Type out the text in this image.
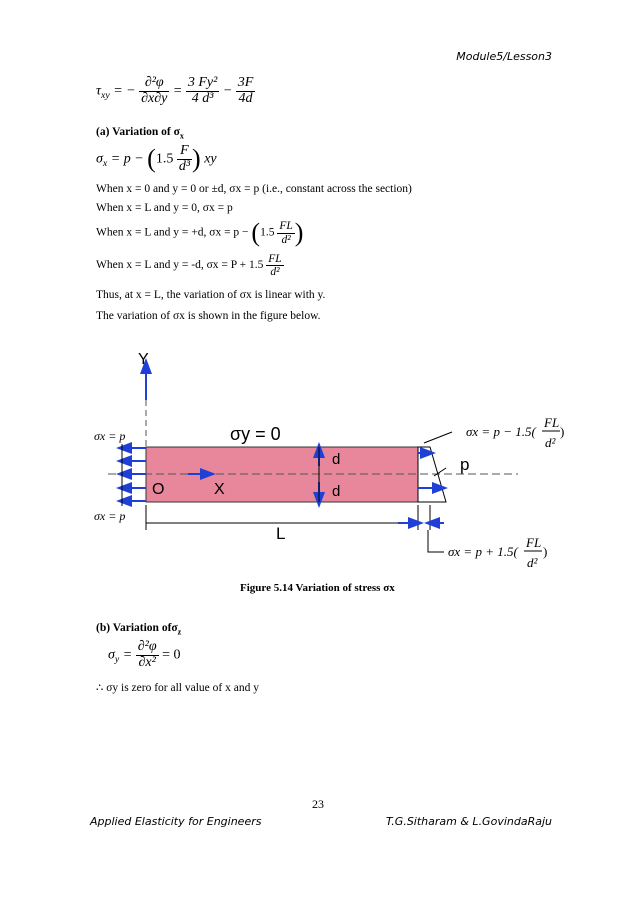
Module5/Lesson3
$\tau_{xy}$ = − $\frac{\text{∂²φ}}{\partial x\partial y} = \frac{\text{3 Fy²}}{\text{4 d³}} - \frac{3F}{4d}$
(a) Variation of $\sigma_x$
$\sigma_x = p - (1.5 \frac{F}{\text{d³}}$ ) xy
When x = 0 and y = 0 or ±d, σx = p (i.e., constant across the section)
When x = L and y = 0, σx = p
When x = L and y = +d, $\sigma x = p - (1.5 \frac{FL}{\text{d²}}$ )
When x = L and y = -d, $\sigma x = P + 1.5 \frac{FL}{\text{d²}}$
Thus, at x = L, the variation of σx is linear with y.
The variation of σx is shown in the figure below.
Y
σy = 0
σx = p
σx = p
O	X
d
d
p
σx = p − 1.5(
FL
d²
)
L
σx = p + 1.5(
FL
d²
)
Figure 5.14 Variation of stress σx
(b) Variation ofσ$_z$
$\sigma_y = \frac{\text{∂²φ}}{\text{∂x²}} = 0$
∴ σy is zero for all value of x and y
23
Applied Elasticity for Engineers	T.G.Sitharam & L.GovindaRaju
